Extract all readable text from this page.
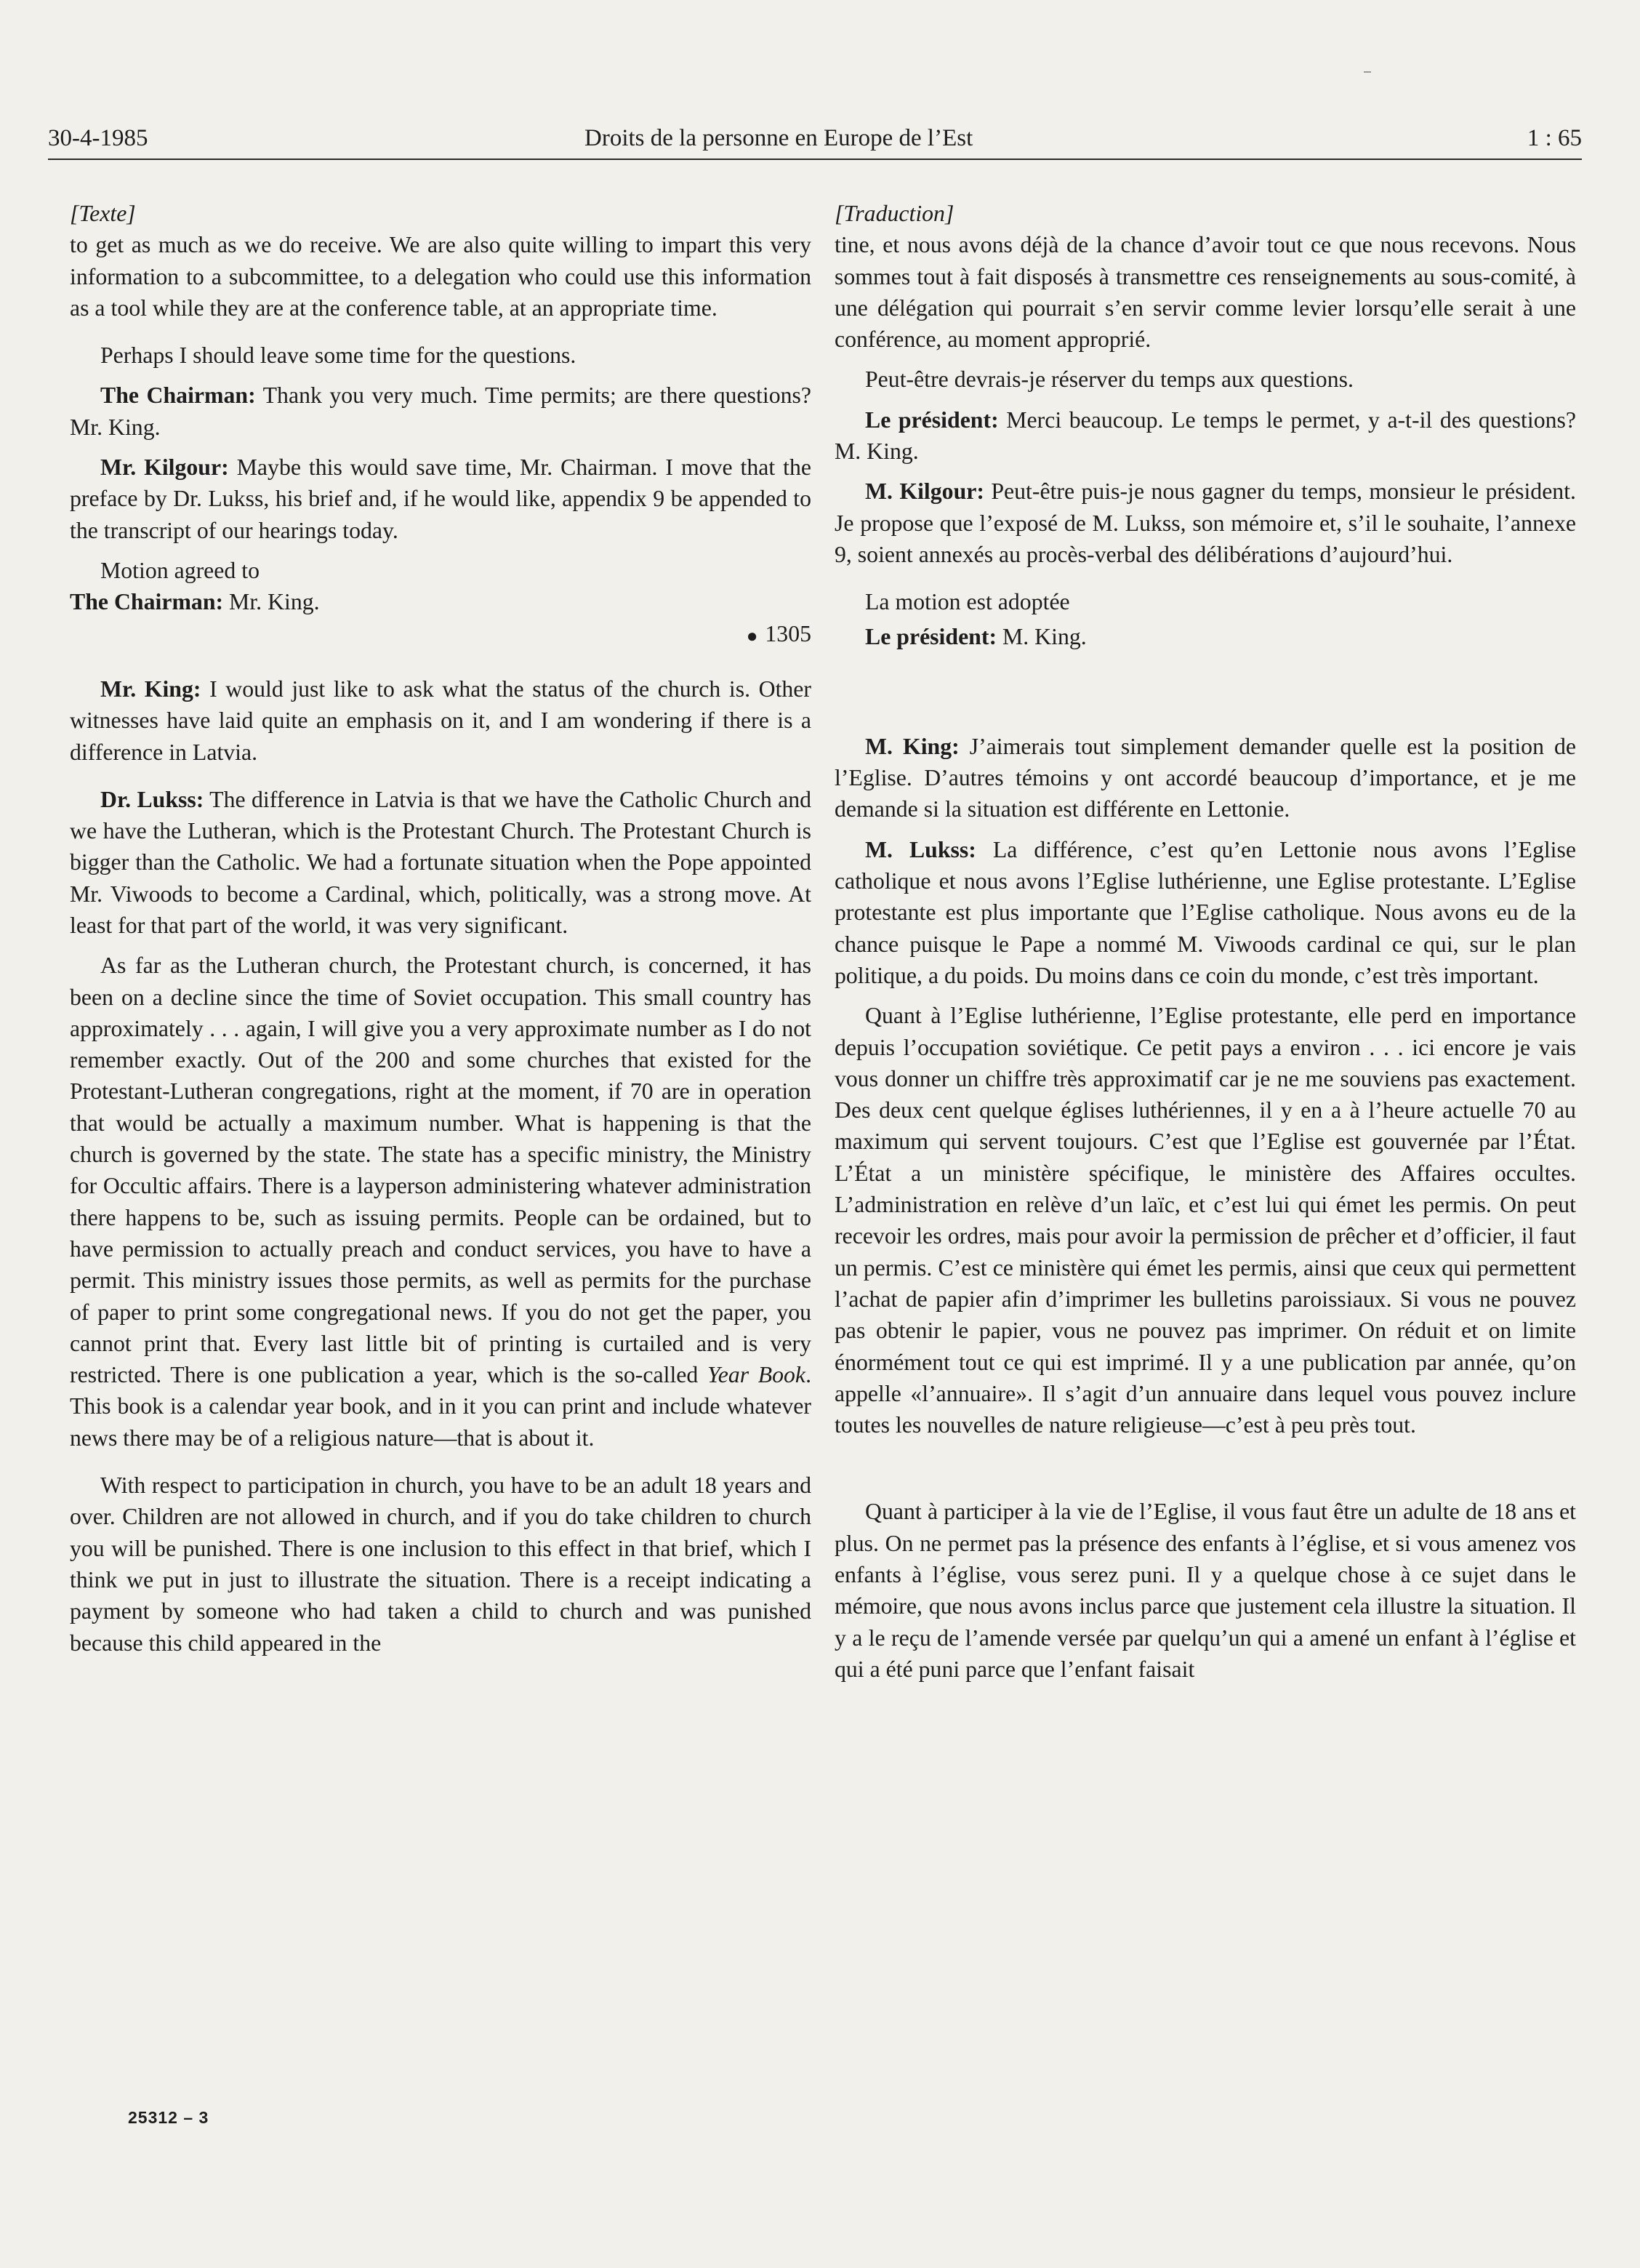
30-4-1985	Droits de la personne en Europe de l’Est	1 : 65

[Texte]

to get as much as we do receive. We are also quite willing to impart this very information to a subcommittee, to a delegation who could use this information as a tool while they are at the conference table, at an appropriate time.

Perhaps I should leave some time for the questions.

The Chairman: Thank you very much. Time permits; are there questions? Mr. King.

Mr. Kilgour: Maybe this would save time, Mr. Chairman. I move that the preface by Dr. Lukss, his brief and, if he would like, appendix 9 be appended to the transcript of our hearings today.

Motion agreed to

The Chairman: Mr. King.

● 1305

Mr. King: I would just like to ask what the status of the church is. Other witnesses have laid quite an emphasis on it, and I am wondering if there is a difference in Latvia.

Dr. Lukss: The difference in Latvia is that we have the Catholic Church and we have the Lutheran, which is the Protestant Church. The Protestant Church is bigger than the Catholic. We had a fortunate situation when the Pope appointed Mr. Viwoods to become a Cardinal, which, politically, was a strong move. At least for that part of the world, it was very significant.

As far as the Lutheran church, the Protestant church, is concerned, it has been on a decline since the time of Soviet occupation. This small country has approximately . . . again, I will give you a very approximate number as I do not remember exactly. Out of the 200 and some churches that existed for the Protestant-Lutheran congregations, right at the moment, if 70 are in operation that would be actually a maximum number. What is happening is that the church is governed by the state. The state has a specific ministry, the Ministry for Occultic affairs. There is a layperson administering whatever administration there happens to be, such as issuing permits. People can be ordained, but to have permission to actually preach and conduct services, you have to have a permit. This ministry issues those permits, as well as permits for the purchase of paper to print some congregational news. If you do not get the paper, you cannot print that. Every last little bit of printing is curtailed and is very restricted. There is one publication a year, which is the so-called Year Book. This book is a calendar year book, and in it you can print and include whatever news there may be of a religious nature—that is about it.

With respect to participation in church, you have to be an adult 18 years and over. Children are not allowed in church, and if you do take children to church you will be punished. There is one inclusion to this effect in that brief, which I think we put in just to illustrate the situation. There is a receipt indicating a payment by someone who had taken a child to church and was punished because this child appeared in the

[Traduction]

tine, et nous avons déjà de la chance d’avoir tout ce que nous recevons. Nous sommes tout à fait disposés à transmettre ces renseignements au sous-comité, à une délégation qui pourrait s’en servir comme levier lorsqu’elle serait à une conférence, au moment approprié.

Peut-être devrais-je réserver du temps aux questions.

Le président: Merci beaucoup. Le temps le permet, y a-t-il des questions? M. King.

M. Kilgour: Peut-être puis-je nous gagner du temps, monsieur le président. Je propose que l’exposé de M. Lukss, son mémoire et, s’il le souhaite, l’annexe 9, soient annexés au procès-verbal des délibérations d’aujourd’hui.

La motion est adoptée

Le président: M. King.

M. King: J’aimerais tout simplement demander quelle est la position de l’Eglise. D’autres témoins y ont accordé beaucoup d’importance, et je me demande si la situation est différente en Lettonie.

M. Lukss: La différence, c’est qu’en Lettonie nous avons l’Eglise catholique et nous avons l’Eglise luthérienne, une Eglise protestante. L’Eglise protestante est plus importante que l’Eglise catholique. Nous avons eu de la chance puisque le Pape a nommé M. Viwoods cardinal ce qui, sur le plan politique, a du poids. Du moins dans ce coin du monde, c’est très important.

Quant à l’Eglise luthérienne, l’Eglise protestante, elle perd en importance depuis l’occupation soviétique. Ce petit pays a environ . . . ici encore je vais vous donner un chiffre très approximatif car je ne me souviens pas exactement. Des deux cent quelque églises luthériennes, il y en a à l’heure actuelle 70 au maximum qui servent toujours. C’est que l’Eglise est gouvernée par l’État. L’État a un ministère spécifique, le ministère des Affaires occultes. L’administration en relève d’un laïc, et c’est lui qui émet les permis. On peut recevoir les ordres, mais pour avoir la permission de prêcher et d’officier, il faut un permis. C’est ce ministère qui émet les permis, ainsi que ceux qui permettent l’achat de papier afin d’imprimer les bulletins paroissiaux. Si vous ne pouvez pas obtenir le papier, vous ne pouvez pas imprimer. On réduit et on limite énormément tout ce qui est imprimé. Il y a une publication par année, qu’on appelle «l’annuaire». Il s’agit d’un annuaire dans lequel vous pouvez inclure toutes les nouvelles de nature religieuse—c’est à peu près tout.

Quant à participer à la vie de l’Eglise, il vous faut être un adulte de 18 ans et plus. On ne permet pas la présence des enfants à l’église, et si vous amenez vos enfants à l’église, vous serez puni. Il y a quelque chose à ce sujet dans le mémoire, que nous avons inclus parce que justement cela illustre la situation. Il y a le reçu de l’amende versée par quelqu’un qui a amené un enfant à l’église et qui a été puni parce que l’enfant faisait

25312 – 3
